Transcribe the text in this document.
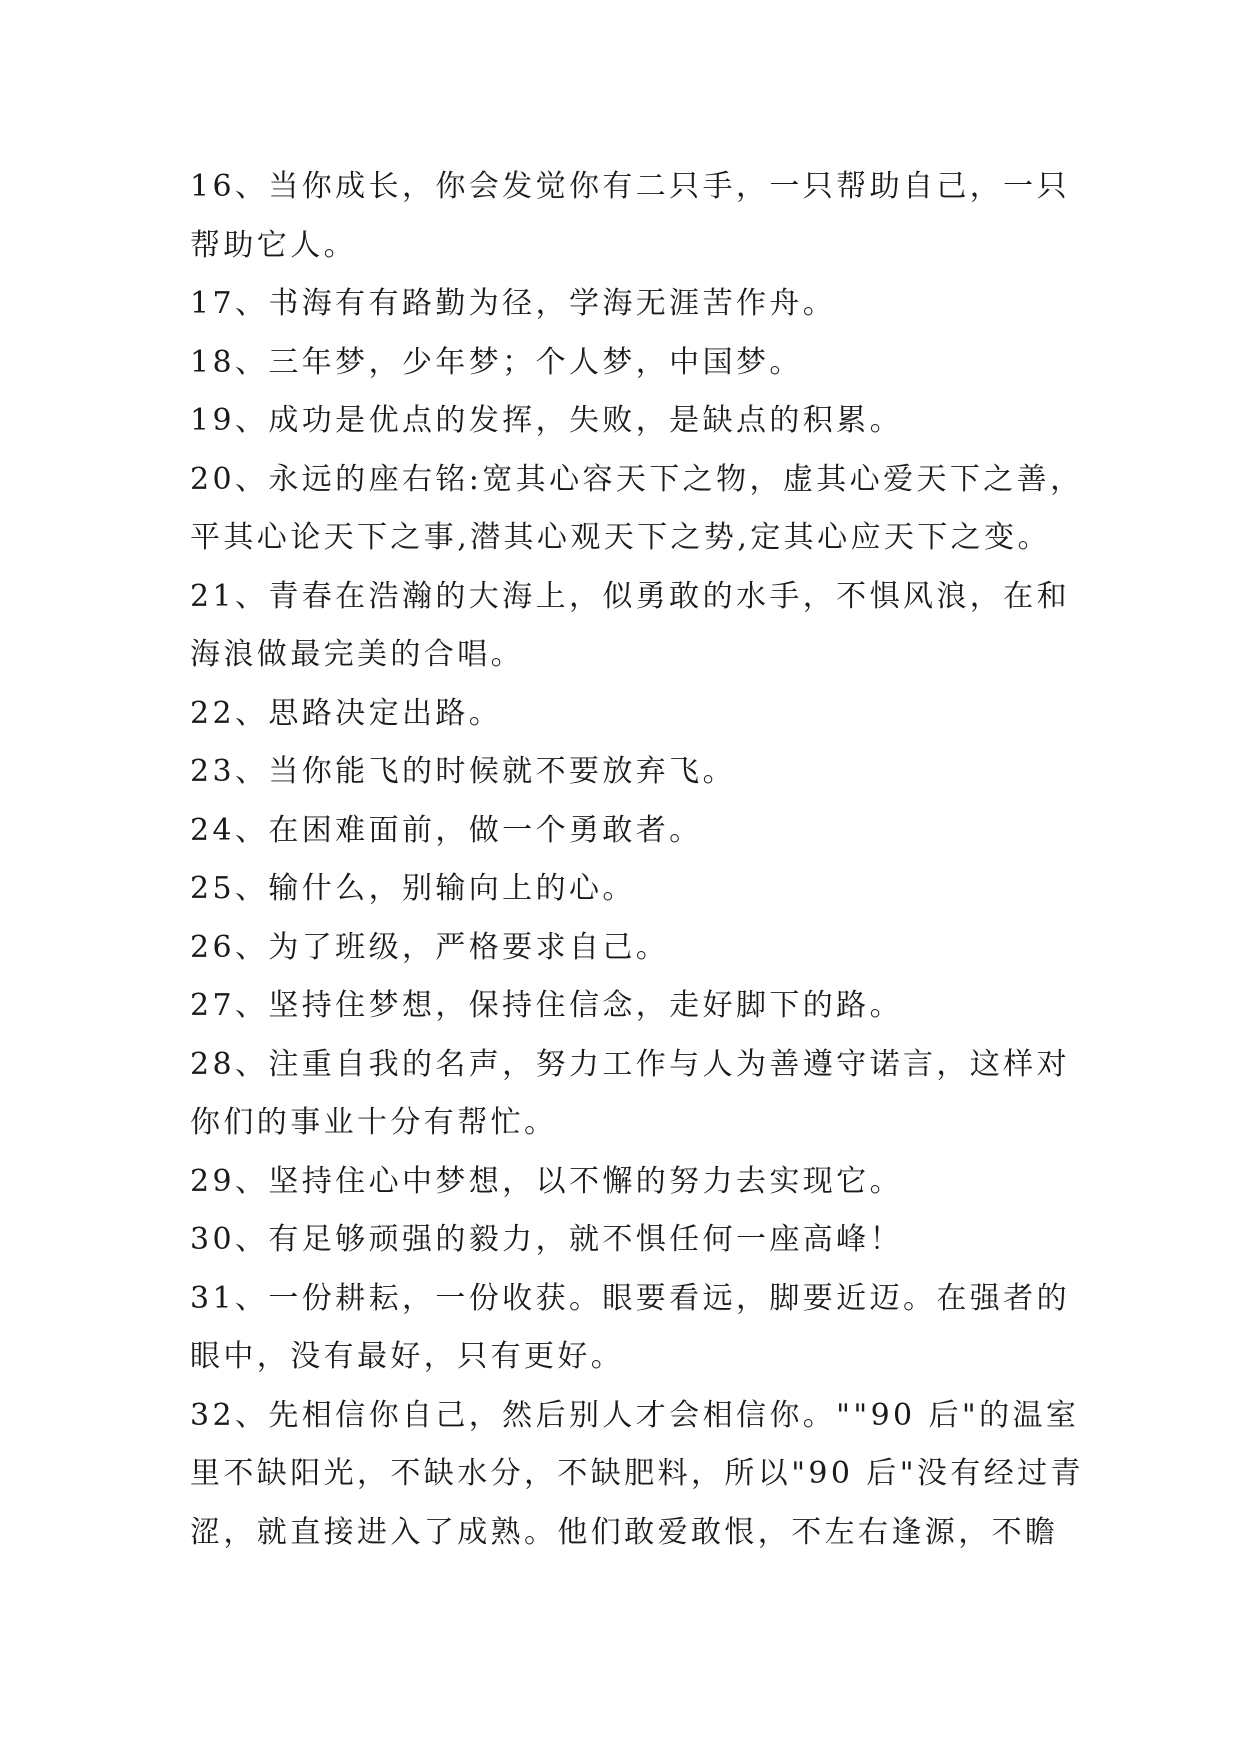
16、当你成长，你会发觉你有二只手，一只帮助自己，一只
帮助它人。
17、书海有有路勤为径，学海无涯苦作舟。
18、三年梦，少年梦；个人梦，中国梦。
19、成功是优点的发挥，失败，是缺点的积累。
20、永远的座右铭:宽其心容天下之物，虚其心爱天下之善，
平其心论天下之事,潜其心观天下之势,定其心应天下之变。
21、青春在浩瀚的大海上，似勇敢的水手，不惧风浪，在和
海浪做最完美的合唱。
22、思路决定出路。
23、当你能飞的时候就不要放弃飞。
24、在困难面前，做一个勇敢者。
25、输什么，别输向上的心。
26、为了班级，严格要求自己。
27、坚持住梦想，保持住信念，走好脚下的路。
28、注重自我的名声，努力工作与人为善遵守诺言，这样对
你们的事业十分有帮忙。
29、坚持住心中梦想，以不懈的努力去实现它。
30、有足够顽强的毅力，就不惧任何一座高峰！
31、一份耕耘，一份收获。眼要看远，脚要近迈。在强者的
眼中，没有最好，只有更好。
32、先相信你自己，然后别人才会相信你。""90 后"的温室
里不缺阳光，不缺水分，不缺肥料，所以"90 后"没有经过青
涩，就直接进入了成熟。他们敢爱敢恨，不左右逢源，不瞻
